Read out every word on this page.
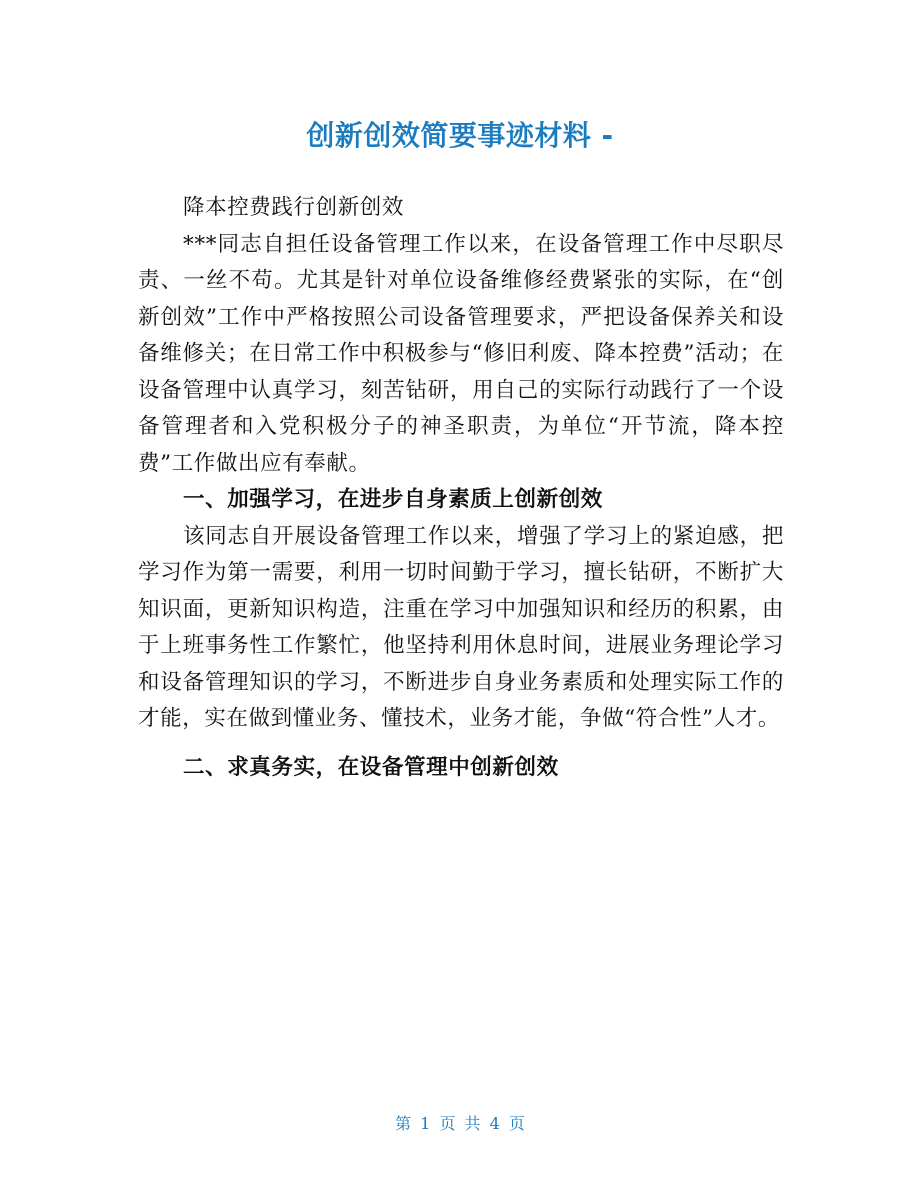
创新创效简要事迹材料 -

降本控费践行创新创效

***同志自担任设备管理工作以来，在设备管理工作中尽职尽责、一丝不苟。尤其是针对单位设备维修经费紧张的实际，在“创新创效”工作中严格按照公司设备管理要求，严把设备保养关和设备维修关；在日常工作中积极参与“修旧利废、降本控费”活动；在设备管理中认真学习，刻苦钻研，用自己的实际行动践行了一个设备管理者和入党积极分子的神圣职责，为单位“开节流，降本控费”工作做出应有奉献。

一、加强学习，在进步自身素质上创新创效

该同志自开展设备管理工作以来，增强了学习上的紧迫感，把学习作为第一需要，利用一切时间勤于学习，擅长钻研，不断扩大知识面，更新知识构造，注重在学习中加强知识和经历的积累，由于上班事务性工作繁忙，他坚持利用休息时间，进展业务理论学习和设备管理知识的学习，不断进步自身业务素质和处理实际工作的才能，实在做到懂业务、懂技术，业务才能，争做“符合性”人才。

二、求真务实，在设备管理中创新创效

第 1 页 共 4 页
